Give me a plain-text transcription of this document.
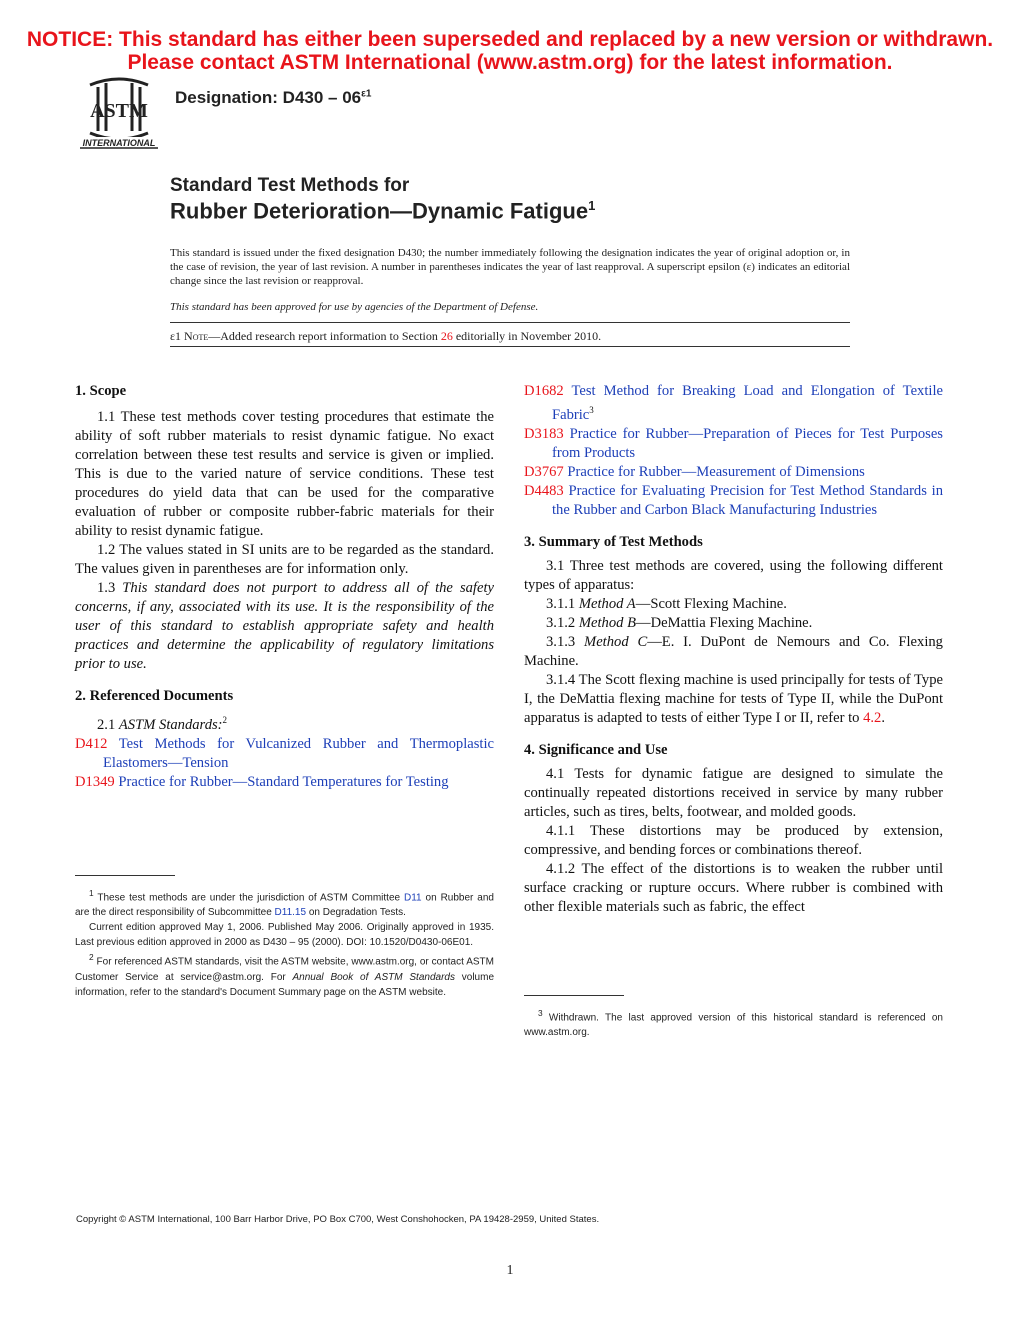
NOTICE: This standard has either been superseded and replaced by a new version or withdrawn.
Please contact ASTM International (www.astm.org) for the latest information.
ASTM
INTERNATIONAL
Designation: $D430 - 06^{\varepsilon 1}$
Standard Test Methods for
Rubber Deterioration—Dynamic Fatigue$^1$
This standard is issued under the fixed designation D430; the number immediately following the designation indicates the year of original adoption or, in the case of revision, the year of last revision. A number in parentheses indicates the year of last reapproval. A superscript epsilon (ε) indicates an editorial change since the last revision or reapproval.
This standard has been approved for use by agencies of the Department of Defense.
ε1 Note—Added research report information to Section 26 editorially in November 2010.
1. Scope

1.1 These test methods cover testing procedures that estimate the ability of soft rubber materials to resist dynamic fatigue. No exact correlation between these test results and service is given or implied. This is due to the varied nature of service conditions. These test procedures do yield data that can be used for the comparative evaluation of rubber or composite rubber-fabric materials for their ability to resist dynamic fatigue.

1.2 The values stated in SI units are to be regarded as the standard. The values given in parentheses are for information only.

1.3 This standard does not purport to address all of the safety concerns, if any, associated with its use. It is the responsibility of the user of this standard to establish appropriate safety and health practices and determine the applicability of regulatory limitations prior to use.

2. Referenced Documents

2.1 ASTM Standards:$^2$

D412 Test Methods for Vulcanized Rubber and Thermoplastic Elastomers—Tension

D1349 Practice for Rubber—Standard Temperatures for Testing

$^1$ These test methods are under the jurisdiction of ASTM Committee D11 on Rubber and are the direct responsibility of Subcommittee D11.15 on Degradation Tests.

Current edition approved May 1, 2006. Published May 2006. Originally approved in 1935. Last previous edition approved in 2000 as D430 – 95 (2000). DOI: 10.1520/D0430-06E01.

$^2$ For referenced ASTM standards, visit the ASTM website, www.astm.org, or contact ASTM Customer Service at service@astm.org. For Annual Book of ASTM Standards volume information, refer to the standard's Document Summary page on the ASTM website.

D1682 Test Method for Breaking Load and Elongation of Textile Fabric$^3$

D3183 Practice for Rubber—Preparation of Pieces for Test Purposes from Products

D3767 Practice for Rubber—Measurement of Dimensions

D4483 Practice for Evaluating Precision for Test Method Standards in the Rubber and Carbon Black Manufacturing Industries

3. Summary of Test Methods

3.1 Three test methods are covered, using the following different types of apparatus:

3.1.1 Method A—Scott Flexing Machine.

3.1.2 Method B—DeMattia Flexing Machine.

3.1.3 Method C—E. I. DuPont de Nemours and Co. Flexing Machine.

3.1.4 The Scott flexing machine is used principally for tests of Type I, the DeMattia flexing machine for tests of Type II, while the DuPont apparatus is adapted to tests of either Type I or II, refer to 4.2.

4. Significance and Use

4.1 Tests for dynamic fatigue are designed to simulate the continually repeated distortions received in service by many rubber articles, such as tires, belts, footwear, and molded goods.

4.1.1 These distortions may be produced by extension, compressive, and bending forces or combinations thereof.

4.1.2 The effect of the distortions is to weaken the rubber until surface cracking or rupture occurs. Where rubber is combined with other flexible materials such as fabric, the effect

$^3$ Withdrawn. The last approved version of this historical standard is referenced on www.astm.org.

Copyright © ASTM International, 100 Barr Harbor Drive, PO Box C700, West Conshohocken, PA 19428-2959, United States.
1
